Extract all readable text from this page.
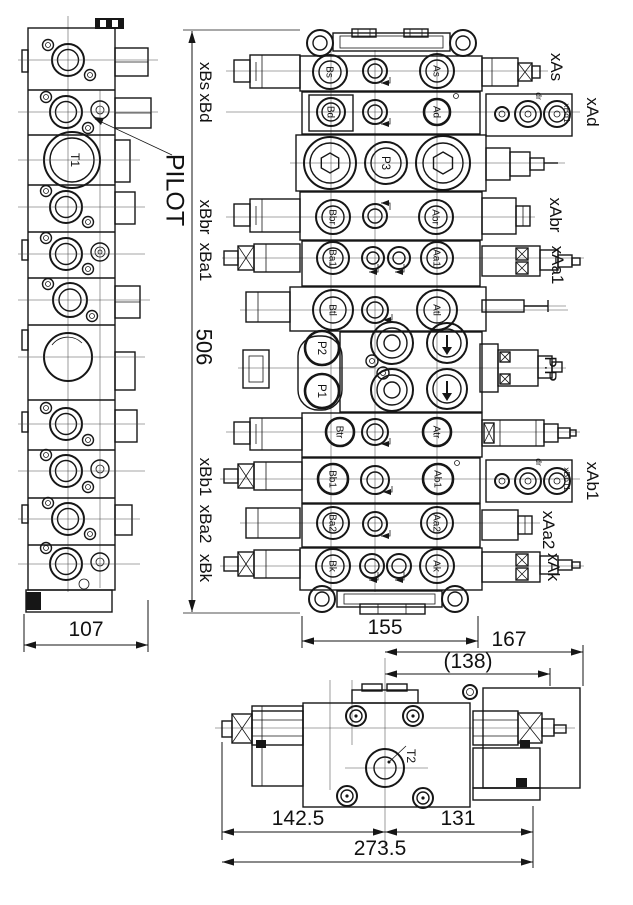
T1
107
PILOT
506
xBs
xBd
xBbr
xBa1
xBb1
xBa2
xBk
xAs
xAd
xAbr
xAa1
P.P
xAb1
xAa2
xAk
Bs	As
Bd	Ad
dr
xBd1
P3
Bbr	Abr
Ba1	Aa1
Btl	Atl
P2
P1
Btr	Atr
Bb1	Ab1
dr
xBb11
Ba2	Aa2
Bk	Ak
155
167
(138)
T2
142.5	131
273.5
